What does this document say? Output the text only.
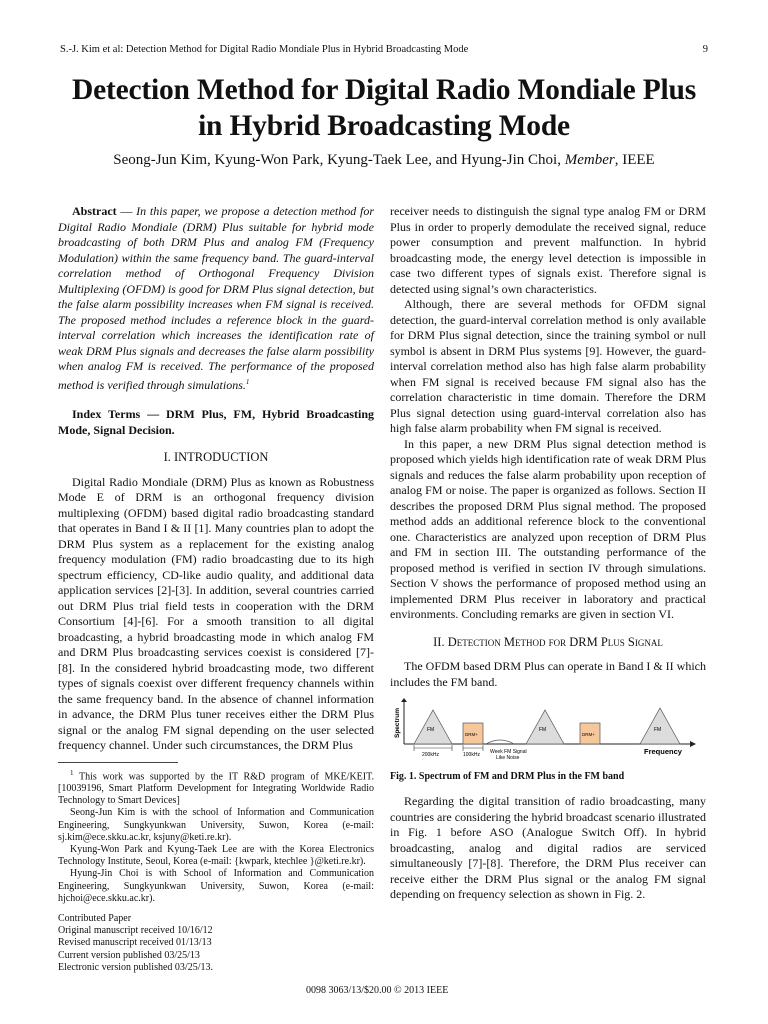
S.-J. Kim et al: Detection Method for Digital Radio Mondiale Plus in Hybrid Broadcasting Mode	9
Detection Method for Digital Radio Mondiale Plus
in Hybrid Broadcasting Mode
Seong-Jun Kim, Kyung-Won Park, Kyung-Taek Lee, and Hyung-Jin Choi, Member, IEEE

Abstract — In this paper, we propose a detection method for Digital Radio Mondiale (DRM) Plus suitable for hybrid mode broadcasting of both DRM Plus and analog FM (Frequency Modulation) within the same frequency band. The guard-interval correlation method of Orthogonal Frequency Division Multiplexing (OFDM) is good for DRM Plus signal detection, but the false alarm possibility increases when FM signal is received. The proposed method includes a reference block in the guard-interval correlation which increases the identification rate of weak DRM Plus signals and decreases the false alarm possibility when analog FM is received. The performance of the proposed method is verified through simulations.$^1$

Index Terms — DRM Plus, FM, Hybrid Broadcasting Mode, Signal Decision.

I. INTRODUCTION

Digital Radio Mondiale (DRM) Plus as known as Robustness Mode E of DRM is an orthogonal frequency division multiplexing (OFDM) based digital radio broadcasting standard that operates in Band I & II [1]. Many countries plan to adopt the DRM Plus system as a replacement for the existing analog frequency modulation (FM) radio broadcasting due to its high spectrum efficiency, CD-like audio quality, and additional data application services [2]-[3]. In addition, several countries carried out DRM Plus trial field tests in cooperation with the DRM Consortium [4]-[6]. For a smooth transition to all digital broadcasting, a hybrid broadcasting mode in which analog FM and DRM Plus broadcasting services coexist is considered [7]-[8]. In the considered hybrid broadcasting mode, two different types of signals coexist over different frequency channels within the same frequency band. In the absence of channel information in advance, the DRM Plus tuner receives either the DRM Plus signal or the analog FM signal depending on the user selected frequency channel. Under such circumstances, the DRM Plus

$^1$ This work was supported by the IT R&D program of MKE/KEIT. [10039196, Smart Platform Development for Integrating Worldwide Radio Technology to Smart Devices]

Seong-Jun Kim is with the school of Information and Communication Engineering, Sungkyunkwan University, Suwon, Korea (e-mail: sj.kim@ece.skku.ac.kr, ksjuny@keti.re.kr).

Kyung-Won Park and Kyung-Taek Lee are with the Korea Electronics Technology Institute, Seoul, Korea (e-mail: {kwpark, ktechlee }@keti.re.kr).

Hyung-Jin Choi is with School of Information and Communication Engineering, Sungkyunkwan University, Suwon, Korea (e-mail: hjchoi@ece.skku.ac.kr).

Contributed Paper
Original manuscript received 10/16/12
Revised manuscript received 01/13/13
Current version published 03/25/13
Electronic version published 03/25/13.
0098 3063/13/$20.00 © 2013 IEEE

receiver needs to distinguish the signal type analog FM or DRM Plus in order to properly demodulate the received signal, reduce power consumption and prevent malfunction. In hybrid broadcasting mode, the energy level detection is impossible in case two different types of signals exist. Therefore signal is detected using signal’s own characteristics.

Although, there are several methods for OFDM signal detection, the guard-interval correlation method is only available for DRM Plus signal detection, since the training symbol or null symbol is absent in DRM Plus systems [9]. However, the guard-interval correlation method also has high false alarm probability when FM signal is received because FM signal also has the correlation characteristic in time domain. Therefore the DRM Plus signal detection using guard-interval correlation also has high false alarm probability when FM signal is received.

In this paper, a new DRM Plus signal detection method is proposed which yields high identification rate of weak DRM Plus signals and reduces the false alarm probability upon reception of analog FM or noise. The paper is organized as follows. Section II describes the proposed DRM Plus signal method. The proposed method adds an additional reference block to the conventional one. Characteristics are analyzed upon reception of DRM Plus and FM in section III. The outstanding performance of the proposed method is verified in section IV through simulations. Section V shows the performance of proposed method using an implemented DRM Plus receiver in laboratory and practical environments. Concluding remarks are given in section VI.

II. Detection Method for DRM Plus Signal

The OFDM based DRM Plus can operate in Band I & II which includes the FM band.

Spectrum
Frequency
FM
DRM+
FM
DRM+
FM
200kHz	100kHz Week FM Signal
Like Noise
Fig. 1. Spectrum of FM and DRM Plus in the FM band

Regarding the digital transition of radio broadcasting, many countries are considering the hybrid broadcast scenario illustrated in Fig. 1 before ASO (Analogue Switch Off). In hybrid broadcasting, analog and digital radios are serviced simultaneously [7]-[8]. Therefore, the DRM Plus receiver can receive either the DRM Plus signal or the analog FM signal depending on frequency selection as shown in Fig. 2.
